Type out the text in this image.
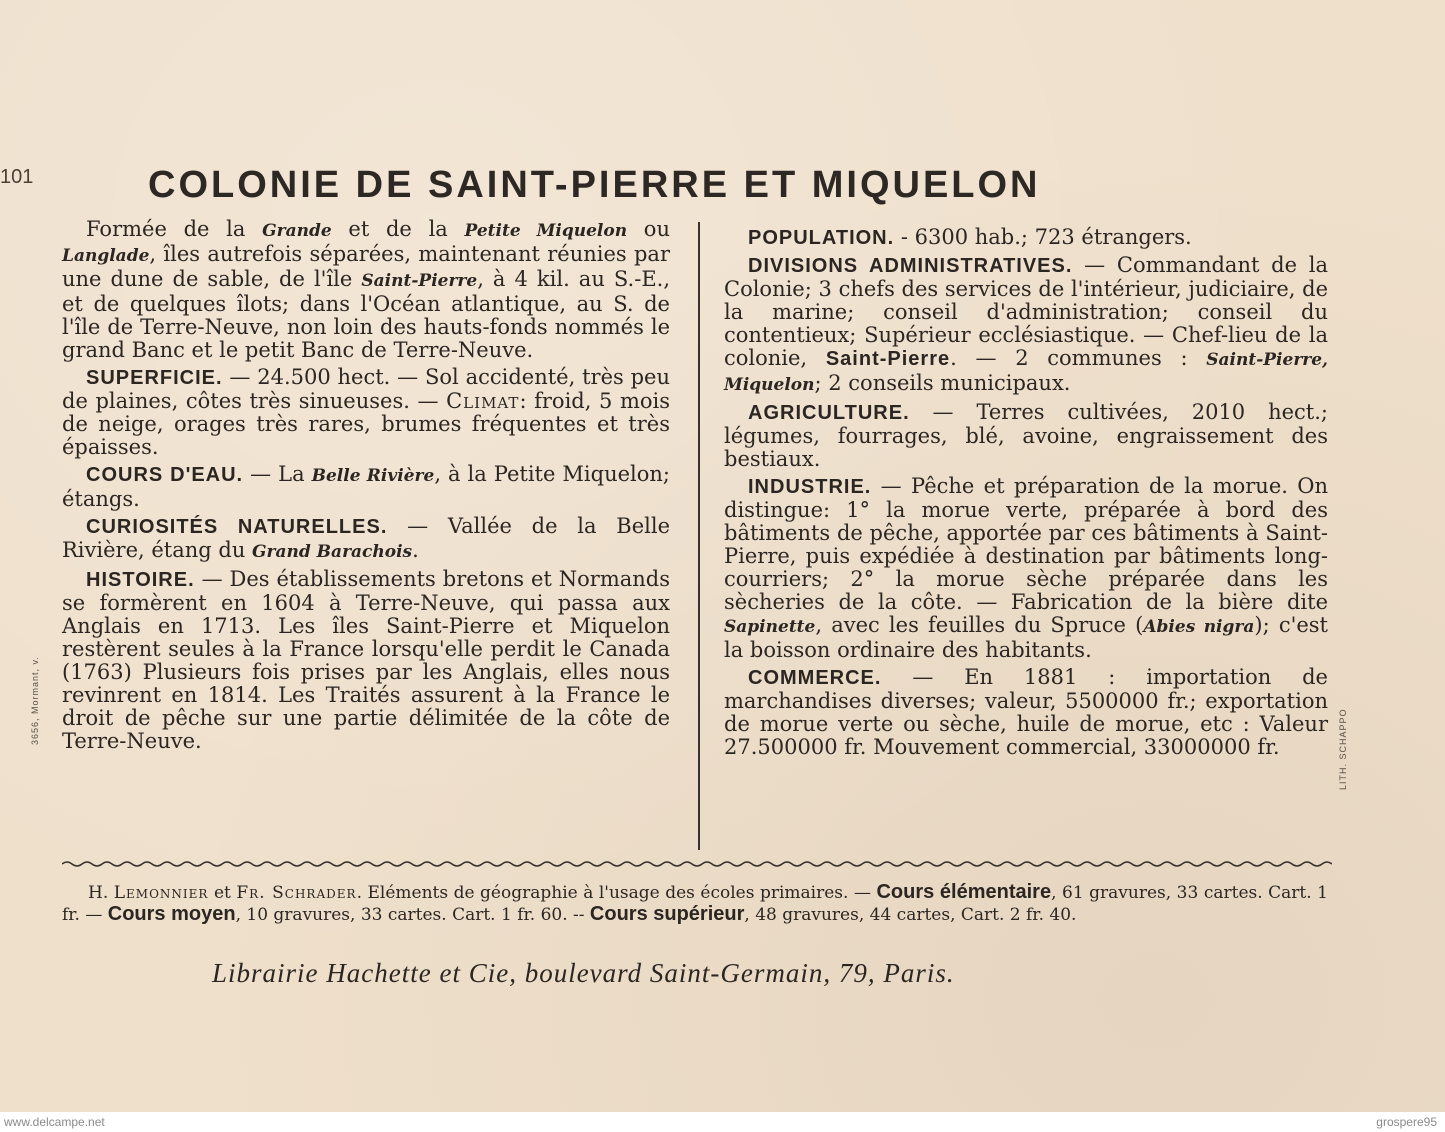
101	COLONIE DE SAINT-PIERRE ET MIQUELON

Formée de la Grande et de la Petite Miquelon ou Langlade, îles autrefois séparées, maintenant réunies par une dune de sable, de l'île Saint-Pierre, à 4 kil. au S.-E., et de quelques îlots; dans l'Océan atlantique, au S. de l'île de Terre-Neuve, non loin des hauts-fonds nommés le grand Banc et le petit Banc de Terre-Neuve.

SUPERFICIE. — 24.500 hect. — Sol accidenté, très peu de plaines, côtes très sinueuses. — Climat: froid, 5 mois de neige, orages très rares, brumes fréquentes et très épaisses.

COURS D'EAU. — La Belle Rivière, à la Petite Miquelon; étangs.

CURIOSITÉS NATURELLES. — Vallée de la Belle Rivière, étang du Grand Barachois.

HISTOIRE. — Des établissements bretons et Normands se formèrent en 1604 à Terre-Neuve, qui passa aux Anglais en 1713. Les îles Saint-Pierre et Miquelon restèrent seules à la France lorsqu'elle perdit le Canada (1763) Plusieurs fois prises par les Anglais, elles nous revinrent en 1814. Les Traités assurent à la France le droit de pêche sur une partie délimitée de la côte de Terre-Neuve.

POPULATION. - 6300 hab.; 723 étrangers.

DIVISIONS ADMINISTRATIVES. — Commandant de la Colonie; 3 chefs des services de l'intérieur, judiciaire, de la marine; conseil d'administration; conseil du contentieux; Supérieur ecclésiastique. — Chef-lieu de la colonie, Saint-Pierre. — 2 communes : Saint-Pierre, Miquelon; 2 conseils municipaux.

AGRICULTURE. — Terres cultivées, 2010 hect.; légumes, fourrages, blé, avoine, engraissement des bestiaux.

INDUSTRIE. — Pêche et préparation de la morue. On distingue: 1° la morue verte, préparée à bord des bâtiments de pêche, apportée par ces bâtiments à Saint-Pierre, puis expédiée à destination par bâtiments long-courriers; 2° la morue sèche préparée dans les sècheries de la côte. — Fabrication de la bière dite Sapinette, avec les feuilles du Spruce (Abies nigra); c'est la boisson ordinaire des habitants.

COMMERCE. — En 1881 : importation de marchandises diverses; valeur, 5500000 fr.; exportation de morue verte ou sèche, huile de morue, etc : Valeur 27.500000 fr. Mouvement commercial, 33000000 fr.

H. Lemonnier et Fr. Schrader. Eléments de géographie à l'usage des écoles primaires. — Cours élémentaire, 61 gravures, 33 cartes. Cart. 1 fr. — Cours moyen, 10 gravures, 33 cartes. Cart. 1 fr. 60. -- Cours supérieur, 48 gravures, 44 cartes, Cart. 2 fr. 40.
Librairie Hachette et Cie, boulevard Saint-Germain, 79, Paris.
3656, Mormant, v.
LITH. SCHAPPO
www.delcampe.net	grospere95
